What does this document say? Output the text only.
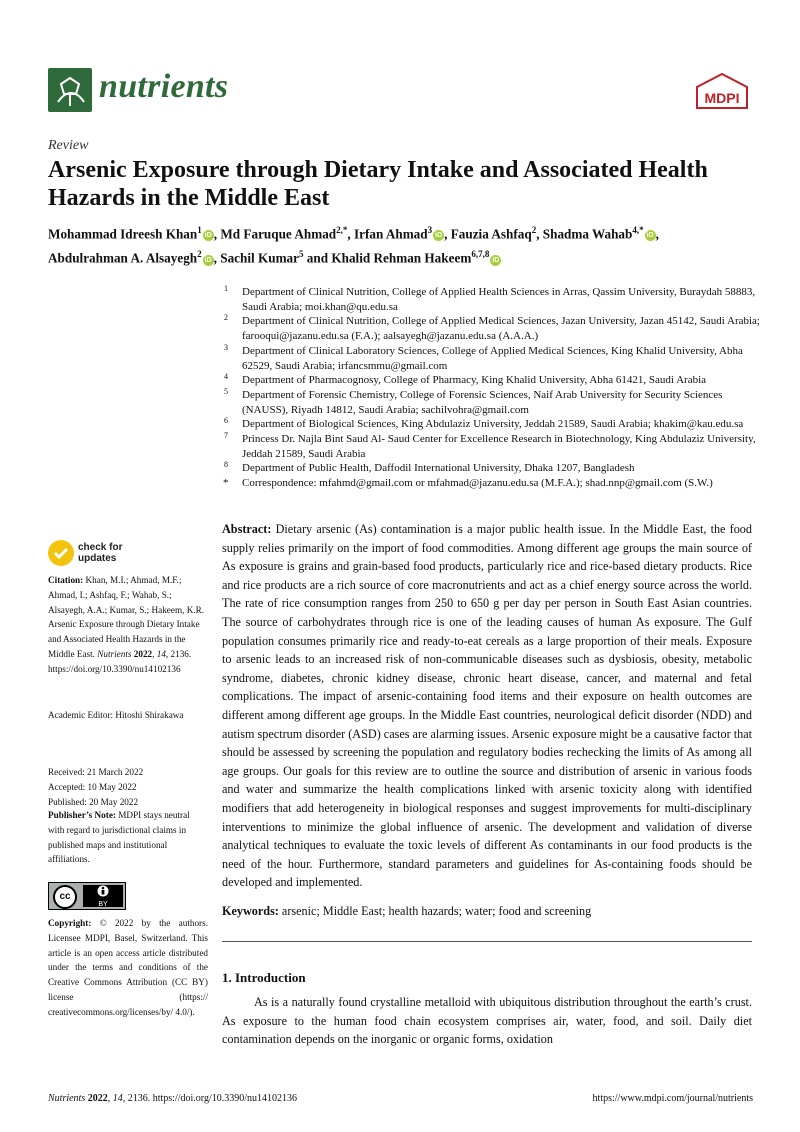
nutrients	MDPI
Review
Arsenic Exposure through Dietary Intake and Associated Health Hazards in the Middle East
Mohammad Idreesh Khan$^1$iD , Md Faruque Ahmad$^{2,*}$, Irfan Ahmad$^3$iD , Fauzia Ashfaq$^2$, Shadma Wahab$^{4,*}$iD ,
Abdulrahman A. Alsayegh$^2$iD , Sachil Kumar$^5$ and Khalid Rehman Hakeem$^{6,7,8}$iD
1 Department of Clinical Nutrition, College of Applied Health Sciences in Arras, Qassim University, Buraydah 58883, Saudi Arabia; moi.khan@qu.edu.sa
2 Department of Clinical Nutrition, College of Applied Medical Sciences, Jazan University, Jazan 45142, Saudi Arabia; farooqui@jazanu.edu.sa (F.A.); aalsayegh@jazanu.edu.sa (A.A.A.)
3 Department of Clinical Laboratory Sciences, College of Applied Medical Sciences, King Khalid University, Abha 62529, Saudi Arabia; irfancsmmu@gmail.com
4 Department of Pharmacognosy, College of Pharmacy, King Khalid University, Abha 61421, Saudi Arabia
5 Department of Forensic Chemistry, College of Forensic Sciences, Naif Arab University for Security Sciences (NAUSS), Riyadh 14812, Saudi Arabia; sachilvohra@gmail.com
6 Department of Biological Sciences, King Abdulaziz University, Jeddah 21589, Saudi Arabia; khakim@kau.edu.sa
7 Princess Dr. Najla Bint Saud Al- Saud Center for Excellence Research in Biotechnology, King Abdulaziz University, Jeddah 21589, Saudi Arabia
8 Department of Public Health, Daffodil International University, Dhaka 1207, Bangladesh
* Correspondence: mfahmd@gmail.com or mfahmad@jazanu.edu.sa (M.F.A.); shad.nnp@gmail.com (S.W.)
check for
updates
Citation: Khan, M.I.; Ahmad, M.F.; Ahmad, I.; Ashfaq, F.; Wahab, S.; Alsayegh, A.A.; Kumar, S.; Hakeem, K.R. Arsenic Exposure through Dietary Intake and Associated Health Hazards in the Middle East. Nutrients 2022, 14, 2136. https://doi.org/10.3390/nu14102136
Academic Editor: Hitoshi Shirakawa
Received: 21 March 2022
Accepted: 10 May 2022
Published: 20 May 2022
Publisher’s Note: MDPI stays neutral with regard to jurisdictional claims in published maps and institutional affiliations.
cc
BY
Copyright: © 2022 by the authors. Licensee MDPI, Basel, Switzerland. This article is an open access article distributed under the terms and conditions of the Creative Commons Attribution (CC BY) license (https:// creativecommons.org/licenses/by/ 4.0/).
Abstract: Dietary arsenic (As) contamination is a major public health issue. In the Middle East, the food supply relies primarily on the import of food commodities. Among different age groups the main source of As exposure is grains and grain-based food products, particularly rice and rice-based dietary products. Rice and rice products are a rich source of core macronutrients and act as a chief energy source across the world. The rate of rice consumption ranges from 250 to 650 g per day per person in South East Asian countries. The source of carbohydrates through rice is one of the leading causes of human As exposure. The Gulf population consumes primarily rice and ready-to-eat cereals as a large proportion of their meals. Exposure to arsenic leads to an increased risk of non-communicable diseases such as dysbiosis, obesity, metabolic syndrome, diabetes, chronic kidney disease, chronic heart disease, cancer, and maternal and fetal complications. The impact of arsenic-containing food items and their exposure on health outcomes are different among different age groups. In the Middle East countries, neurological deficit disorder (NDD) and autism spectrum disorder (ASD) cases are alarming issues. Arsenic exposure might be a causative factor that should be assessed by screening the population and regulatory bodies rechecking the limits of As among all age groups. Our goals for this review are to outline the source and distribution of arsenic in various foods and water and summarize the health complications linked with arsenic toxicity along with identified modifiers that add heterogeneity in biological responses and suggest improvements for multi-disciplinary interventions to minimize the global influence of arsenic. The development and validation of diverse analytical techniques to evaluate the toxic levels of different As contaminants in our food products is the need of the hour. Furthermore, standard parameters and guidelines for As-containing foods should be developed and implemented.
Keywords: arsenic; Middle East; health hazards; water; food and screening
1. Introduction
As is a naturally found crystalline metalloid with ubiquitous distribution throughout the earth’s crust. As exposure to the human food chain ecosystem comprises air, water, food, and soil. Daily diet contamination depends on the inorganic or organic forms, oxidation
Nutrients 2022, 14, 2136. https://doi.org/10.3390/nu14102136	https://www.mdpi.com/journal/nutrients
